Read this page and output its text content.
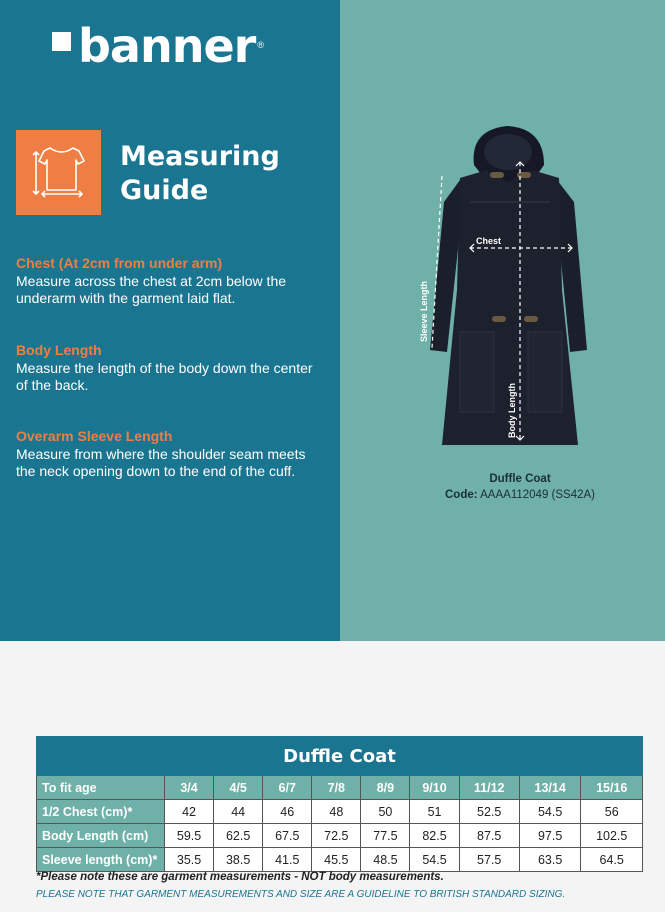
banner ®
Measuring
Guide
Chest (At 2cm from under arm)
Measure across the chest at 2cm below the underarm with the garment laid flat.
Body Length
Measure the length of the body down the center of the back.
Overarm Sleeve Length
Measure from where the shoulder seam meets the neck opening down to the end of the cuff.
Chest
Sleeve Length
Body Length
Duffle Coat
Code: AAAA112049 (SS42A)
Duffle Coat									
To fit age	3/4	4/5	6/7	7/8	8/9	9/10	11/12	13/14	15/16
1/2 Chest (cm)*	42	44	46	48	50	51	52.5	54.5	56
Body Length (cm)	59.5	62.5	67.5	72.5	77.5	82.5	87.5	97.5	102.5
Sleeve length (cm)*	35.5	38.5	41.5	45.5	48.5	54.5	57.5	63.5	64.5
*Please note these are garment measurements - NOT body measurements.
PLEASE NOTE THAT GARMENT MEASUREMENTS AND SIZE ARE A GUIDELINE TO BRITISH STANDARD SIZING.
